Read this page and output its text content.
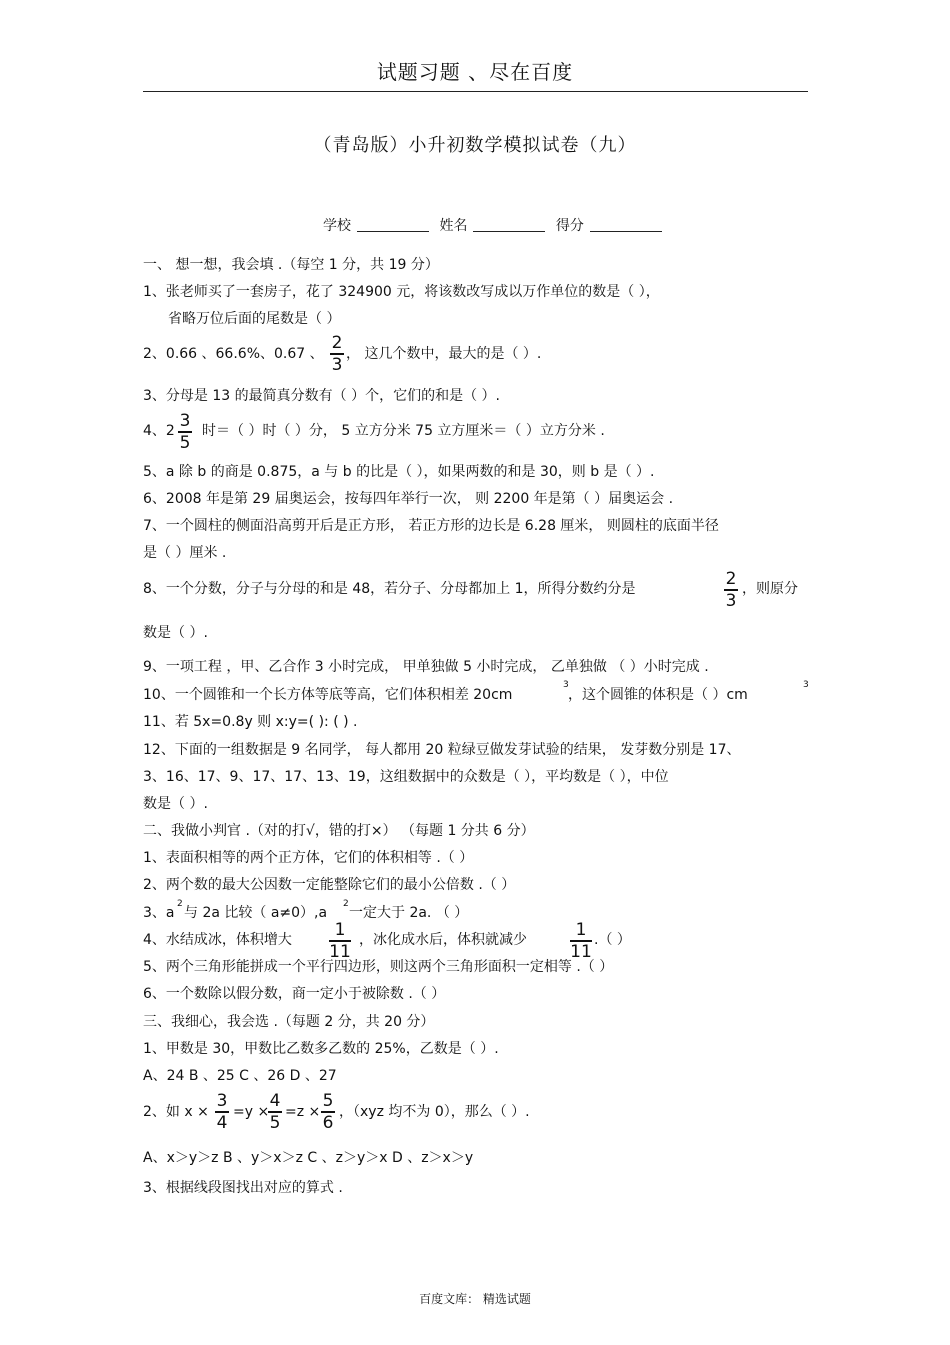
试题习题 、尽在百度
（青岛版）小升初数学模拟试卷（九）
学校	姓名	得分
一、 想一想，我会填 .（每空 1 分，共 19 分）
1、张老师买了一套房子，花了 324900 元，将该数改写成以万作单位的数是（ ），
省略万位后面的尾数是（ ）
2、0.66 、66.6%、0.67 、
2
3
， 这几个数中，最大的是（ ）.
3、分母是 13 的最简真分数有（ ）个，它们的和是（ ）.
4、2 3
5
时＝（ ）时（ ）分， 5 立方分米 75 立方厘米＝（ ）立方分米 .
5、a 除 b 的商是 0.875，a 与 b 的比是（ ），如果两数的和是 30，则 b 是（ ）.
6、2008 年是第 29 届奥运会，按每四年举行一次， 则 2200 年是第（ ）届奥运会 .
7、一个圆柱的侧面沿高剪开后是正方形， 若正方形的边长是 6.28 厘米， 则圆柱的底面半径
是（ ）厘米 .
8、一个分数，分子与分母的和是 48，若分子、分母都加上 1，所得分数约分是	2
3
，则原分
数是（ ）.
9、一项工程 ，甲、乙合作 3 小时完成， 甲单独做 5 小时完成， 乙单独做 （ ）小时完成 .
10、一个圆锥和一个长方体等底等高，它们体积相差 20cm
3
，这个圆锥的体积是（ ）cm
3
11、若 5x=0.8y 则 x:y=( ): ( ) .
12、下面的一组数据是 9 名同学， 每人都用 20 粒绿豆做发芽试验的结果， 发芽数分别是 17、
3、16、17、9、17、17、13、19，这组数据中的众数是（ ），平均数是（ ），中位
数是（ ）.
二、我做小判官 .（对的打√，错的打×） （每题 1 分共 6 分）
1、表面积相等的两个正方体，它们的体积相等 .（ ）
2、两个数的最大公因数一定能整除它们的最小公倍数 .（ ）
3、a
2
与 2a 比较（ a≠0）,a
2
一定大于 2a. （ ）
4、水结成冰，体积增大	1
11
，冰化成水后，体积就减少	1
11
.（ ）
5、两个三角形能拼成一个平行四边形，则这两个三角形面积一定相等 .（ ）
6、一个数除以假分数，商一定小于被除数 .（ ）
三、我细心，我会选 .（每题 2 分，共 20 分）
1、甲数是 30，甲数比乙数多乙数的 25%，乙数是（ ）.
A、24 B 、25 C 、26 D 、27
2、如 x ×
3
4
=y ×
4
5
=z ×
5
6
，（xyz 均不为 0），那么（ ）.
A、x＞y＞z B 、y＞x＞z C 、z＞y＞x D 、z＞x＞y
3、根据线段图找出对应的算式 .
百度文库： 精选试题
